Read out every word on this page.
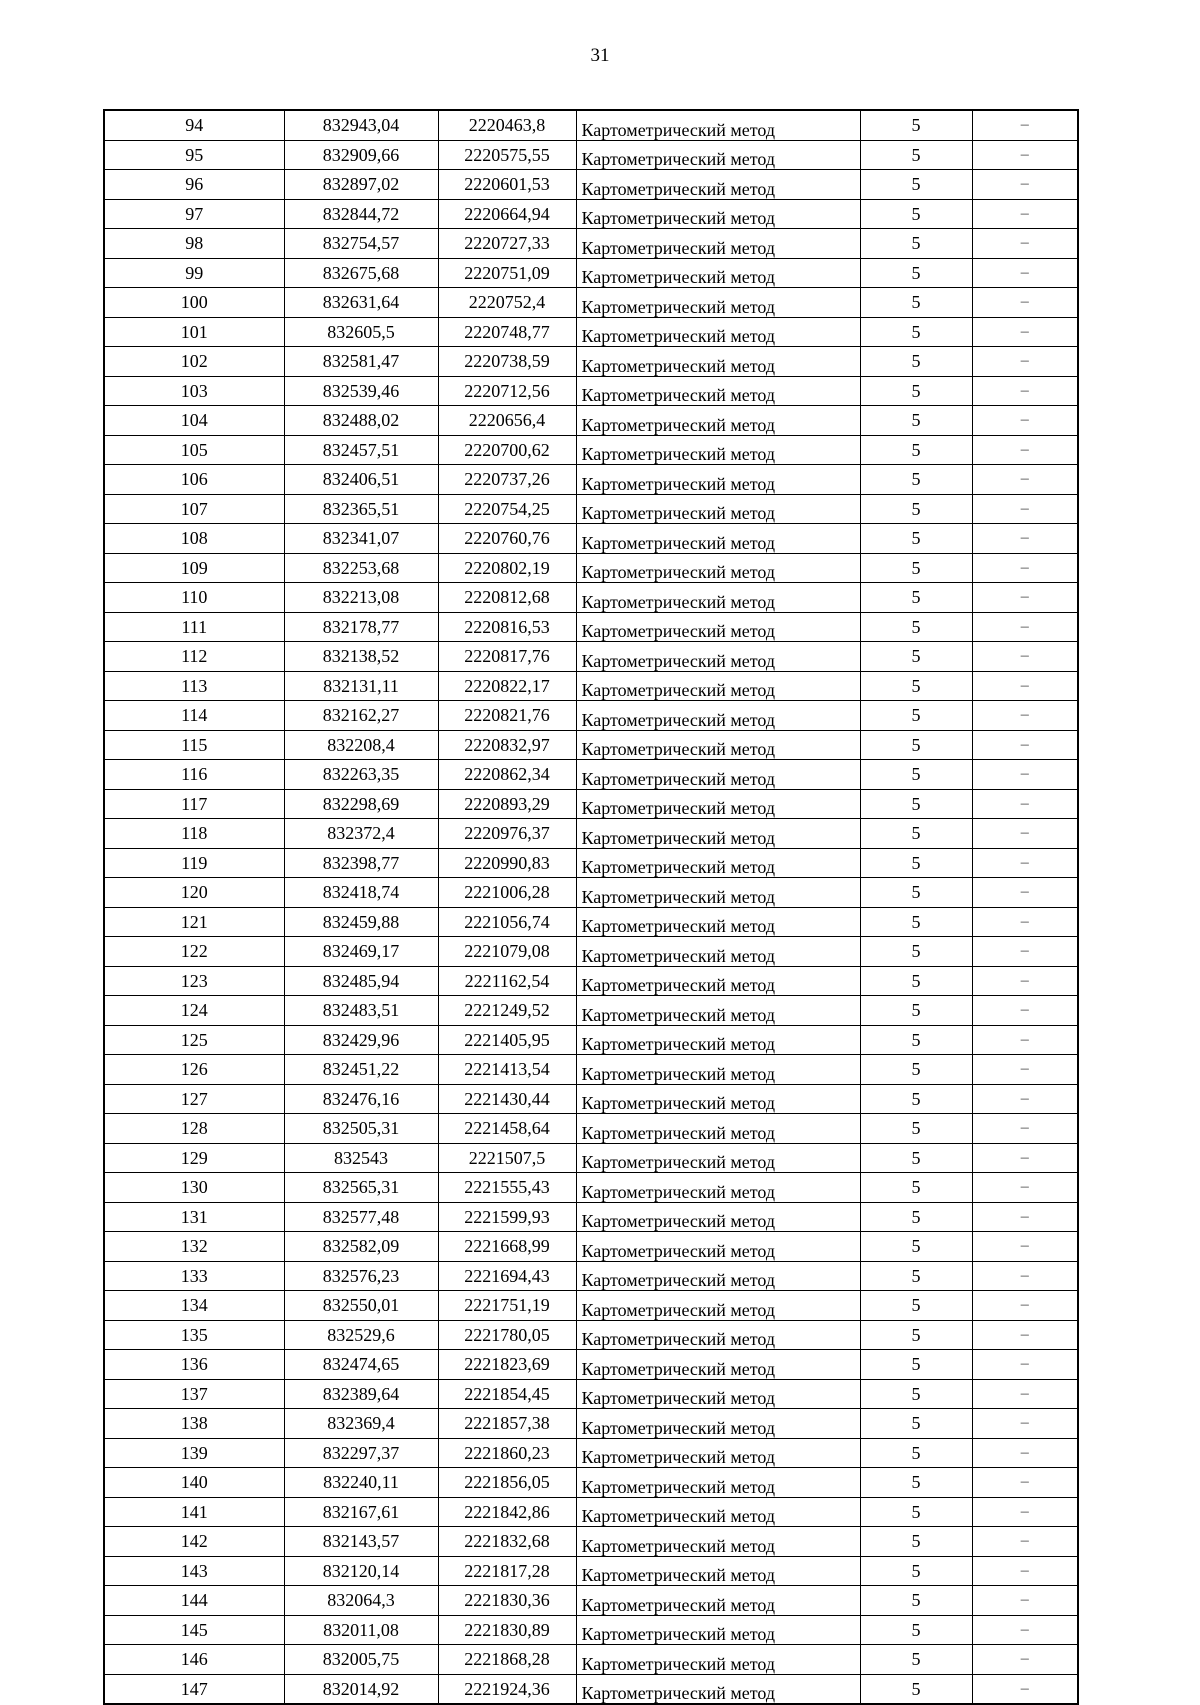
31
94	832943,04	2220463,8	Картометрический метод	5	–
95	832909,66	2220575,55	Картометрический метод	5	–
96	832897,02	2220601,53	Картометрический метод	5	–
97	832844,72	2220664,94	Картометрический метод	5	–
98	832754,57	2220727,33	Картометрический метод	5	–
99	832675,68	2220751,09	Картометрический метод	5	–
100	832631,64	2220752,4	Картометрический метод	5	–
101	832605,5	2220748,77	Картометрический метод	5	–
102	832581,47	2220738,59	Картометрический метод	5	–
103	832539,46	2220712,56	Картометрический метод	5	–
104	832488,02	2220656,4	Картометрический метод	5	–
105	832457,51	2220700,62	Картометрический метод	5	–
106	832406,51	2220737,26	Картометрический метод	5	–
107	832365,51	2220754,25	Картометрический метод	5	–
108	832341,07	2220760,76	Картометрический метод	5	–
109	832253,68	2220802,19	Картометрический метод	5	–
110	832213,08	2220812,68	Картометрический метод	5	–
111	832178,77	2220816,53	Картометрический метод	5	–
112	832138,52	2220817,76	Картометрический метод	5	–
113	832131,11	2220822,17	Картометрический метод	5	–
114	832162,27	2220821,76	Картометрический метод	5	–
115	832208,4	2220832,97	Картометрический метод	5	–
116	832263,35	2220862,34	Картометрический метод	5	–
117	832298,69	2220893,29	Картометрический метод	5	–
118	832372,4	2220976,37	Картометрический метод	5	–
119	832398,77	2220990,83	Картометрический метод	5	–
120	832418,74	2221006,28	Картометрический метод	5	–
121	832459,88	2221056,74	Картометрический метод	5	–
122	832469,17	2221079,08	Картометрический метод	5	–
123	832485,94	2221162,54	Картометрический метод	5	–
124	832483,51	2221249,52	Картометрический метод	5	–
125	832429,96	2221405,95	Картометрический метод	5	–
126	832451,22	2221413,54	Картометрический метод	5	–
127	832476,16	2221430,44	Картометрический метод	5	–
128	832505,31	2221458,64	Картометрический метод	5	–
129	832543	2221507,5	Картометрический метод	5	–
130	832565,31	2221555,43	Картометрический метод	5	–
131	832577,48	2221599,93	Картометрический метод	5	–
132	832582,09	2221668,99	Картометрический метод	5	–
133	832576,23	2221694,43	Картометрический метод	5	–
134	832550,01	2221751,19	Картометрический метод	5	–
135	832529,6	2221780,05	Картометрический метод	5	–
136	832474,65	2221823,69	Картометрический метод	5	–
137	832389,64	2221854,45	Картометрический метод	5	–
138	832369,4	2221857,38	Картометрический метод	5	–
139	832297,37	2221860,23	Картометрический метод	5	–
140	832240,11	2221856,05	Картометрический метод	5	–
141	832167,61	2221842,86	Картометрический метод	5	–
142	832143,57	2221832,68	Картометрический метод	5	–
143	832120,14	2221817,28	Картометрический метод	5	–
144	832064,3	2221830,36	Картометрический метод	5	–
145	832011,08	2221830,89	Картометрический метод	5	–
146	832005,75	2221868,28	Картометрический метод	5	–
147	832014,92	2221924,36	Картометрический метод	5	–
